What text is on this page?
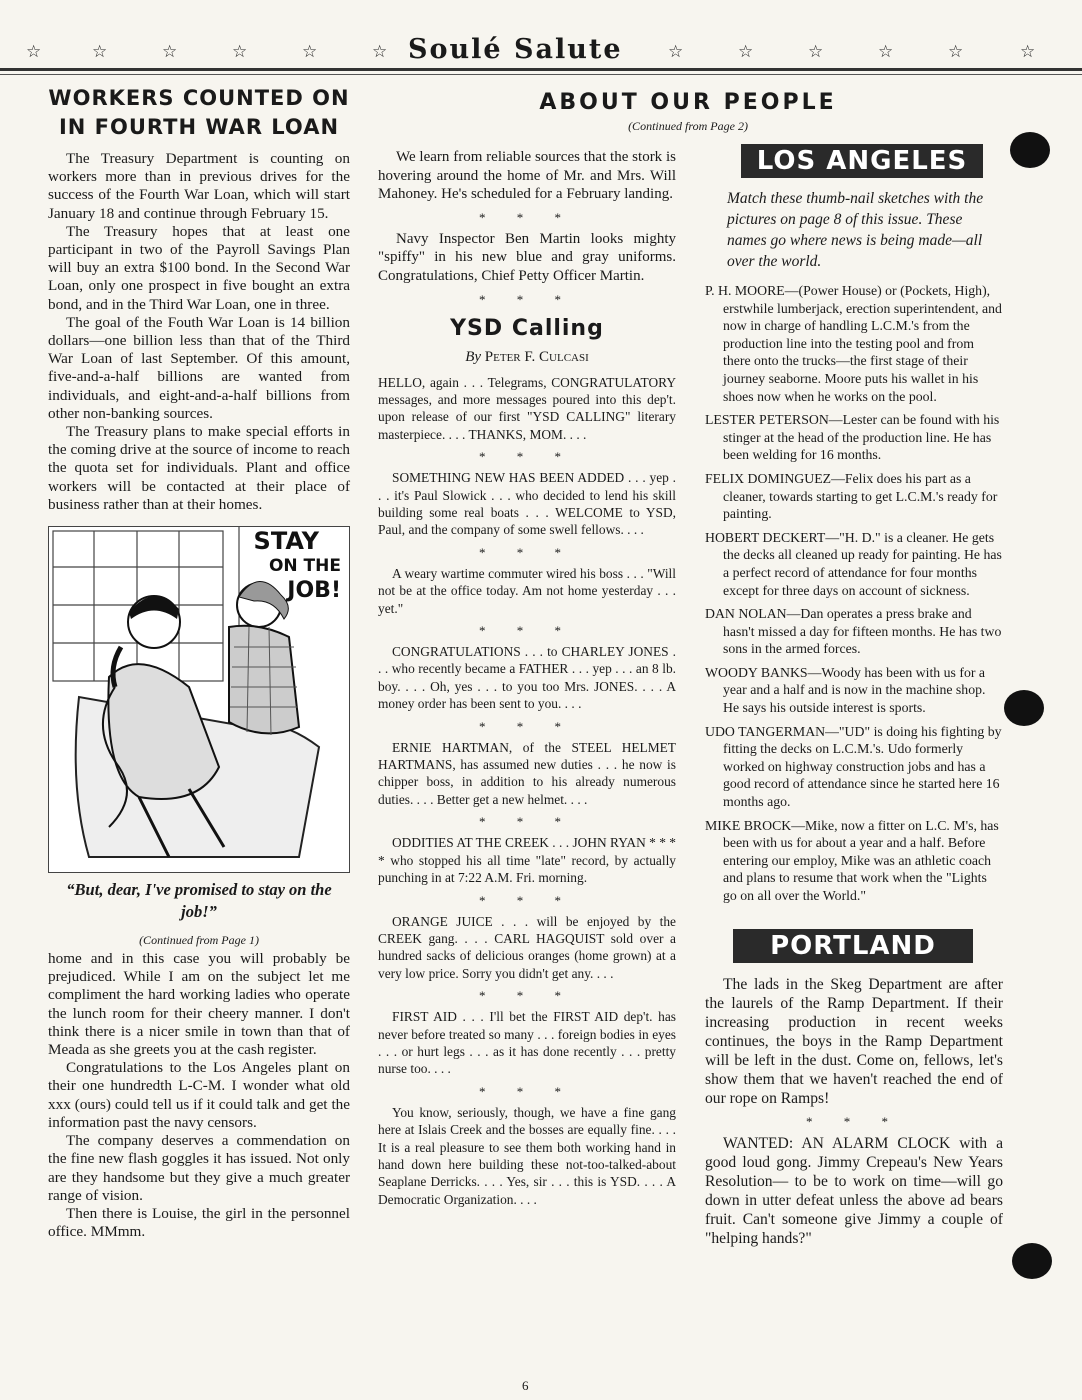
☆	☆	☆	☆	☆	☆ Soulé Salute	☆	☆	☆	☆	☆	☆
WORKERS COUNTED ON IN FOURTH WAR LOAN

The Treasury Department is counting on workers more than in previous drives for the success of the Fourth War Loan, which will start January 18 and continue through February 15.

The Treasury hopes that at least one participant in two of the Payroll Savings Plan will buy an extra $100 bond. In the Second War Loan, only one prospect in five bought an extra bond, and in the Third War Loan, one in three.

The goal of the Fouth War Loan is 14 billion dollars—one billion less than that of the Third War Loan of last September. Of this amount, five-and-a-half billions are wanted from individuals, and eight-and-a-half billions from other non-banking sources.

The Treasury plans to make special efforts in the coming drive at the source of income to reach the quota set for individuals. Plant and office workers will be contacted at their place of business rather than at their homes.

STAY
ON THE
JOB!
“But, dear, I've promised to stay on the job!”
(Continued from Page 1)

home and in this case you will probably be prejudiced. While I am on the subject let me compliment the hard working ladies who operate the lunch room for their cheery manner. I don't think there is a nicer smile in town than that of Meada as she greets you at the cash register.

Congratulations to the Los Angeles plant on their one hundredth L-C-M. I wonder what old xxx (ours) could tell us if it could talk and get the information past the navy censors.

The company deserves a commendation on the fine new flash goggles it has issued. Not only are they handsome but they give a much greater range of vision.

Then there is Louise, the girl in the personnel office. MMmm.

ABOUT OUR PEOPLE
(Continued from Page 2)

We learn from reliable sources that the stork is hovering around the home of Mr. and Mrs. Will Mahoney. He's scheduled for a February landing.

* * *

Navy Inspector Ben Martin looks mighty "spiffy" in his new blue and gray uniforms. Congratulations, Chief Petty Officer Martin.

* * *
YSD Calling
By Peter F. Culcasi

HELLO, again . . . Telegrams, CONGRATULATORY messages, and more messages poured into this dep't. upon release of our first "YSD CALLING" literary masterpiece. . . . THANKS, MOM. . . .

* * *

SOMETHING NEW HAS BEEN ADDED . . . yep . . . it's Paul Slowick . . . who decided to lend his skill building some real boats . . . WELCOME to YSD, Paul, and the company of some swell fellows. . . .

* * *

A weary wartime commuter wired his boss . . . "Will not be at the office today. Am not home yesterday . . . yet."

* * *

CONGRATULATIONS . . . to CHARLEY JONES . . . who recently became a FATHER . . . yep . . . an 8 lb. boy. . . . Oh, yes . . . to you too Mrs. JONES. . . . A money order has been sent to you. . . .

* * *

ERNIE HARTMAN, of the STEEL HELMET HARTMANS, has assumed new duties . . . he now is chipper boss, in addition to his already numerous duties. . . . Better get a new helmet. . . .

* * *

ODDITIES AT THE CREEK . . . JOHN RYAN * * * * who stopped his all time "late" record, by actually punching in at 7:22 A.M. Fri. morning.

* * *

ORANGE JUICE . . . will be enjoyed by the CREEK gang. . . . CARL HAGQUIST sold over a hundred sacks of delicious oranges (home grown) at a very low price. Sorry you didn't get any. . . .

* * *

FIRST AID . . . I'll bet the FIRST AID dep't. has never before treated so many . . . foreign bodies in eyes . . . or hurt legs . . . as it has done recently . . . pretty nurse too. . . .

* * *

You know, seriously, though, we have a fine gang here at Islais Creek and the bosses are equally fine. . . . It is a real pleasure to see them both working hand in hand down here building these not-too-talked-about Seaplane Derricks. . . . Yes, sir . . . this is YSD. . . . A Democratic Organization. . . .

LOS ANGELES

Match these thumb-nail sketches with the pictures on page 8 of this issue. These names go where news is being made—all over the world.

P. H. MOORE—(Power House) or (Pockets, High), erstwhile lumberjack, erection superintendent, and now in charge of handling L.C.M.'s from the production line into the testing pool and from there onto the trucks—the first stage of their journey seaborne. Moore puts his wallet in his shoes now when he works on the pool.

LESTER PETERSON—Lester can be found with his stinger at the head of the production line. He has been welding for 16 months.

FELIX DOMINGUEZ—Felix does his part as a cleaner, towards starting to get L.C.M.'s ready for painting.

HOBERT DECKERT—"H. D." is a cleaner. He gets the decks all cleaned up ready for painting. He has a perfect record of attendance for four months except for three days on account of sickness.

DAN NOLAN—Dan operates a press brake and hasn't missed a day for fifteen months. He has two sons in the armed forces.

WOODY BANKS—Woody has been with us for a year and a half and is now in the machine shop. He says his outside interest is sports.

UDO TANGERMAN—"UD" is doing his fighting by fitting the decks on L.C.M.'s. Udo formerly worked on highway construction jobs and has a good record of attendance since he started here 16 months ago.

MIKE BROCK—Mike, now a fitter on L.C. M's, has been with us for about a year and a half. Before entering our employ, Mike was an athletic coach and plans to resume that work when the "Lights go on all over the World."

PORTLAND

The lads in the Skeg Department are after the laurels of the Ramp Department. If their increasing production in recent weeks continues, the boys in the Ramp Department will be left in the dust. Come on, fellows, let's show them that we haven't reached the end of our rope on Ramps!

* * *

WANTED: AN ALARM CLOCK with a good loud gong. Jimmy Crepeau's New Years Resolution— to be to work on time—will go down in utter defeat unless the above ad bears fruit. Can't someone give Jimmy a couple of "helping hands?"

6
